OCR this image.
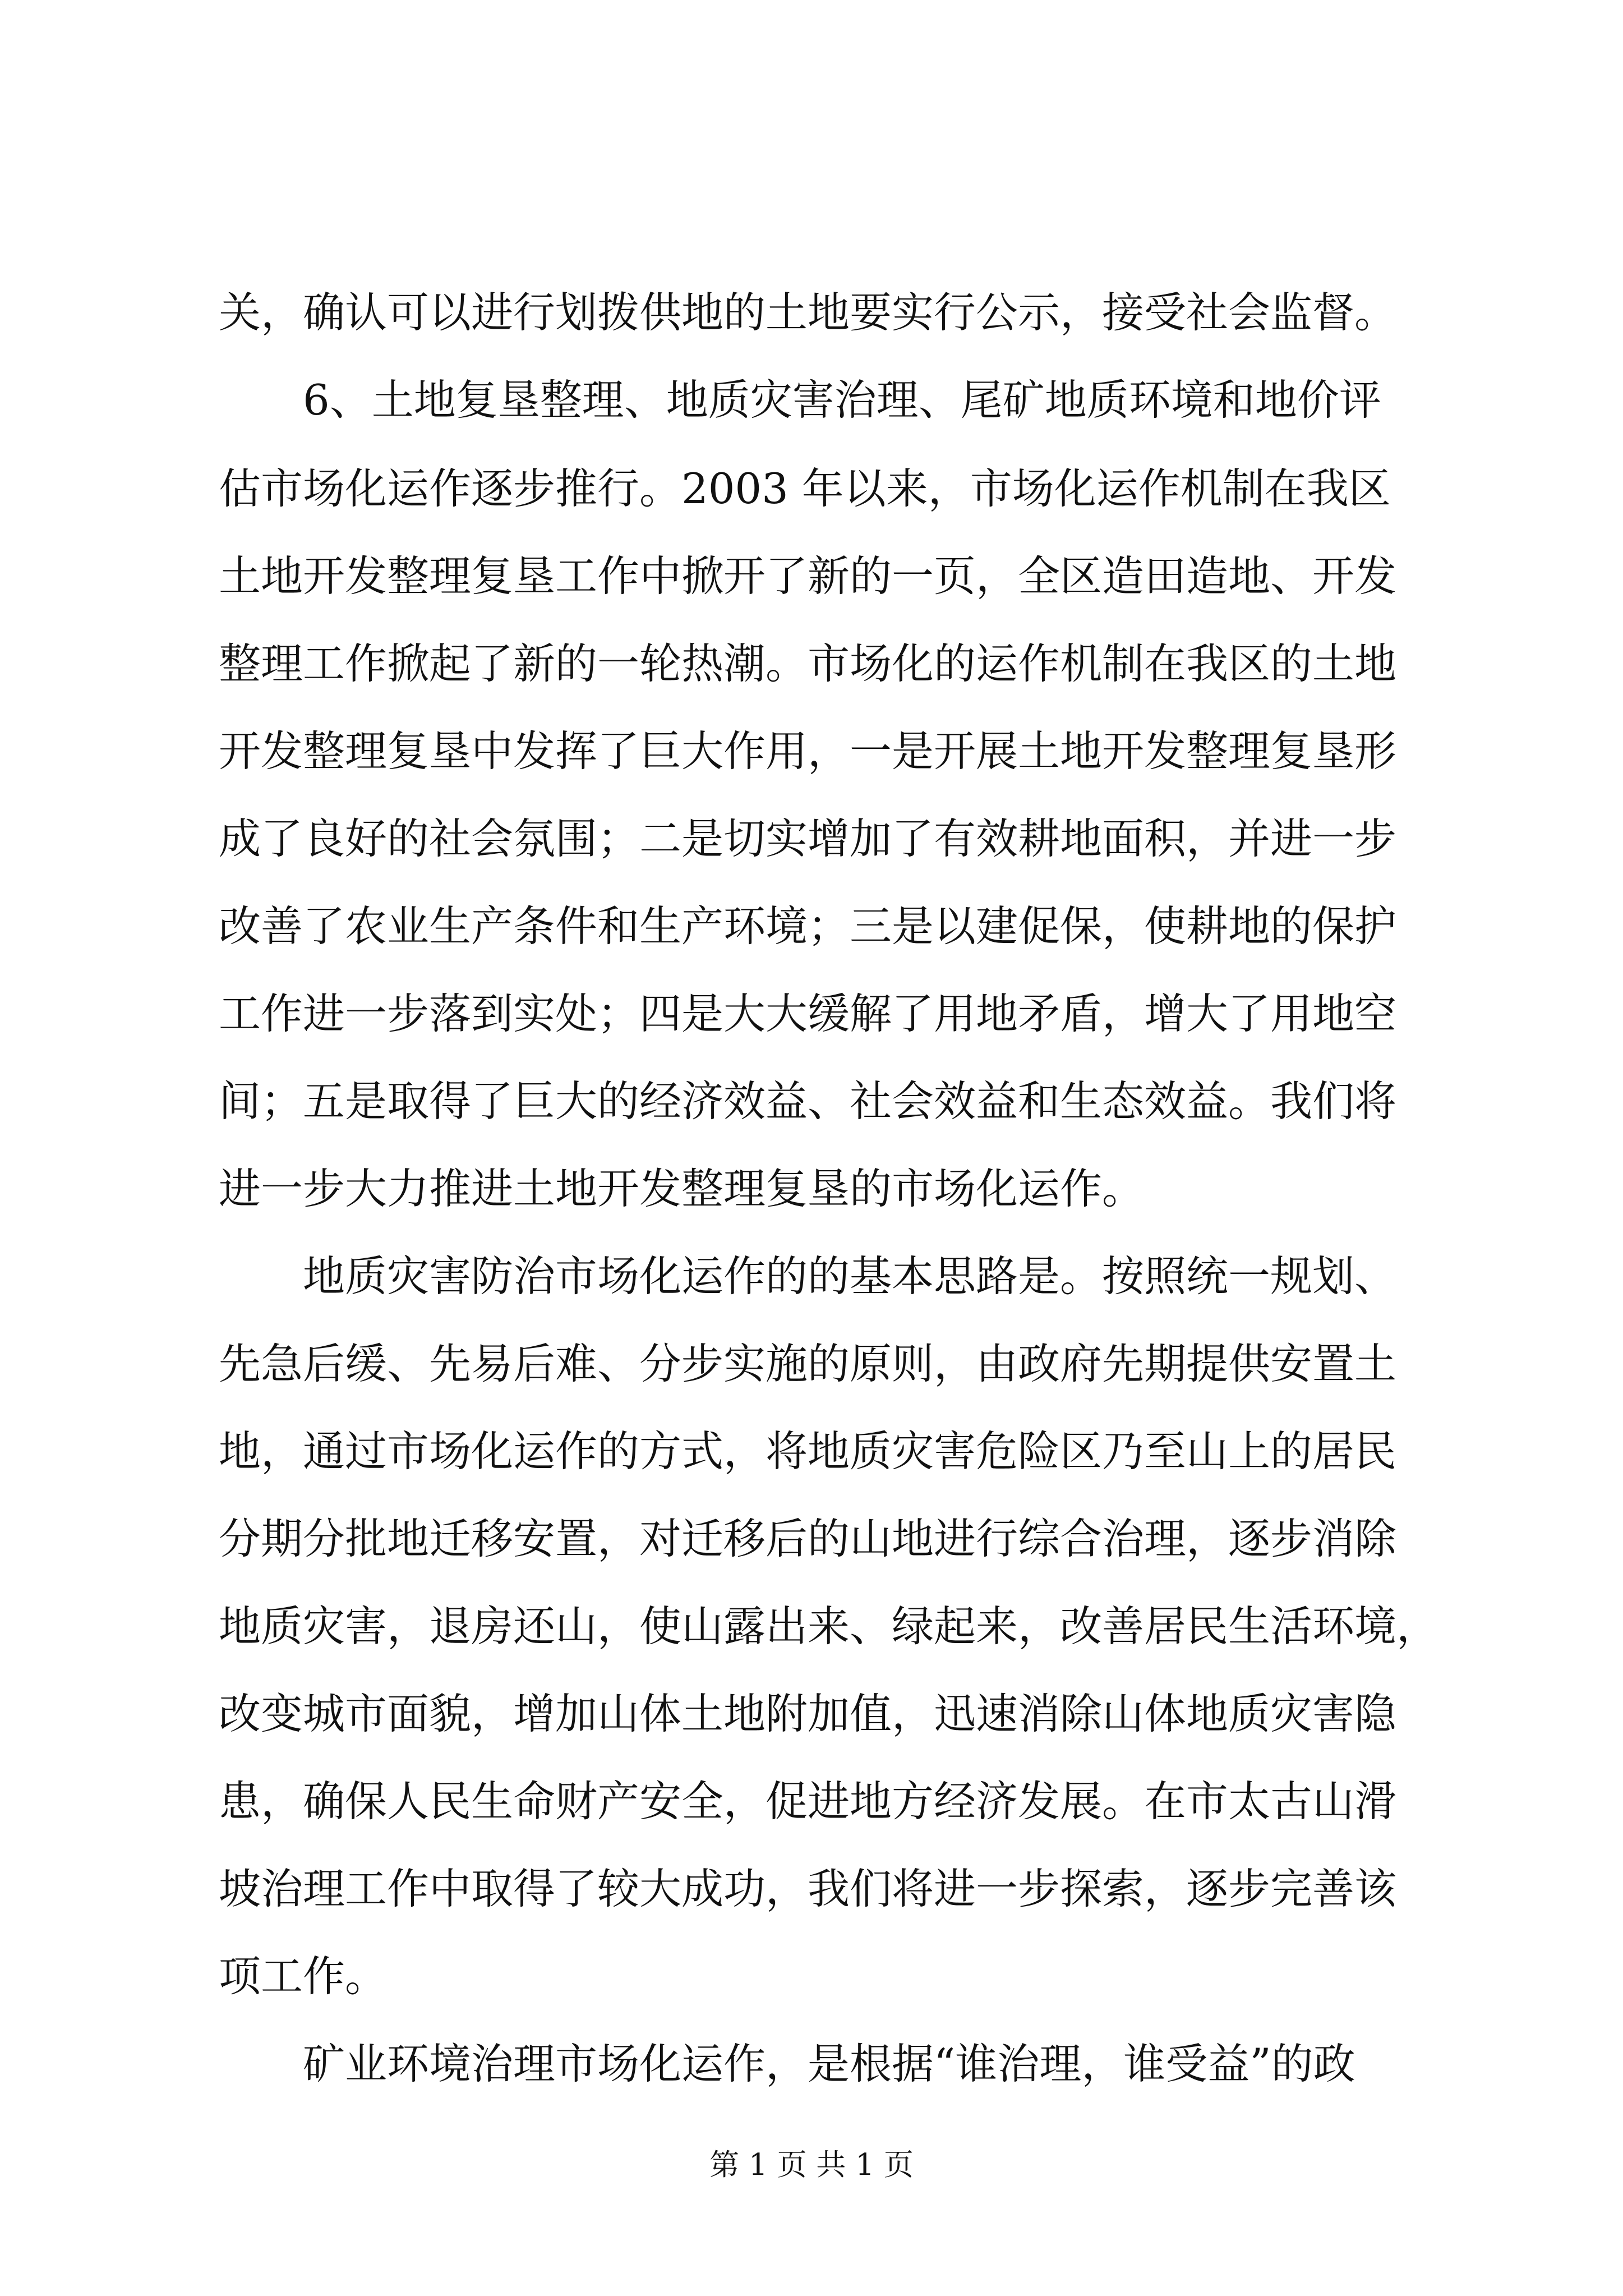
关，确认可以进行划拨供地的土地要实行公示，接受社会监督。
6、土地复垦整理、地质灾害治理、尾矿地质环境和地价评
估市场化运作逐步推行。2003 年以来，市场化运作机制在我区
土地开发整理复垦工作中掀开了新的一页，全区造田造地、开发
整理工作掀起了新的一轮热潮。市场化的运作机制在我区的土地
开发整理复垦中发挥了巨大作用，一是开展土地开发整理复垦形
成了良好的社会氛围；二是切实增加了有效耕地面积，并进一步
改善了农业生产条件和生产环境；三是以建促保，使耕地的保护
工作进一步落到实处；四是大大缓解了用地矛盾，增大了用地空
间；五是取得了巨大的经济效益、社会效益和生态效益。我们将
进一步大力推进土地开发整理复垦的市场化运作。
地质灾害防治市场化运作的的基本思路是。按照统一规划、
先急后缓、先易后难、分步实施的原则，由政府先期提供安置土
地，通过市场化运作的方式，将地质灾害危险区乃至山上的居民
分期分批地迁移安置，对迁移后的山地进行综合治理，逐步消除
地质灾害，退房还山，使山露出来、绿起来，改善居民生活环境，
改变城市面貌，增加山体土地附加值，迅速消除山体地质灾害隐
患，确保人民生命财产安全，促进地方经济发展。在市太古山滑
坡治理工作中取得了较大成功，我们将进一步探索，逐步完善该
项工作。
矿业环境治理市场化运作，是根据“谁治理，谁受益”的政
第 1 页 共 1 页
